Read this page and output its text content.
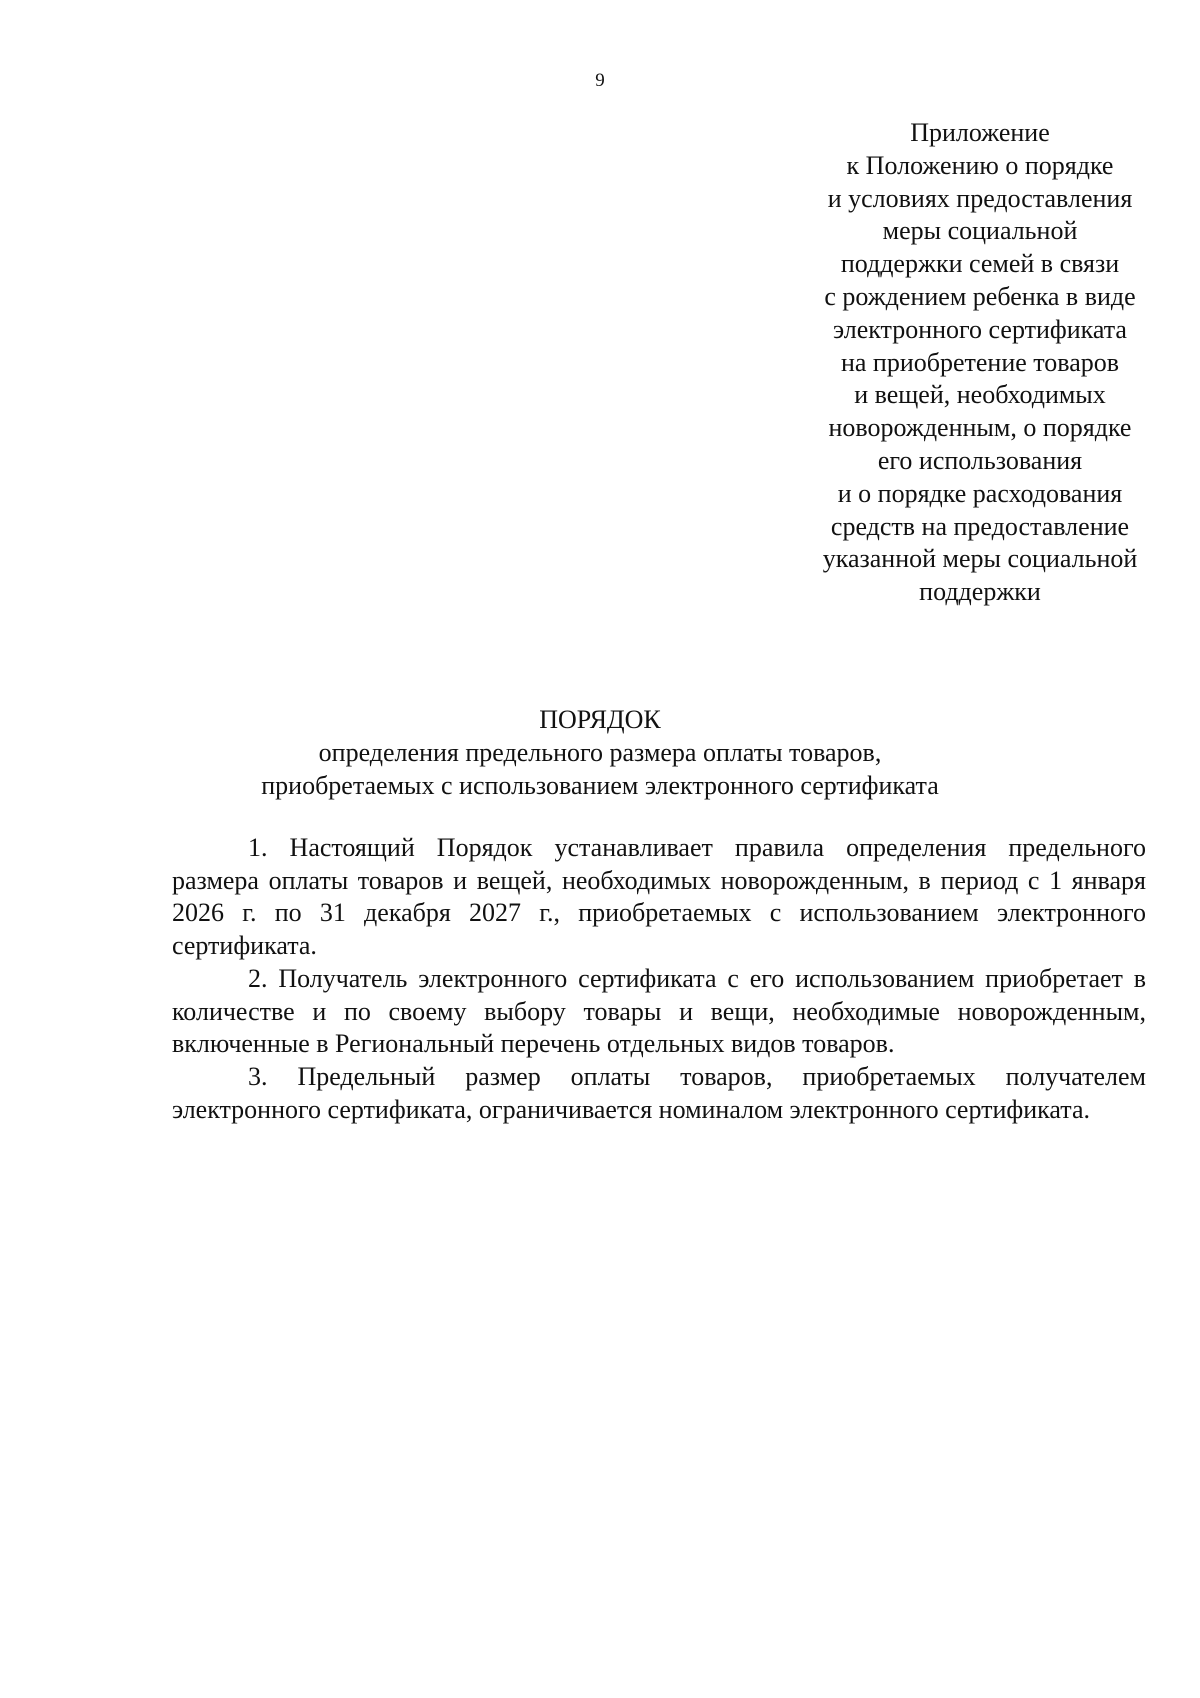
9
Приложение
к Положению о порядке
и условиях предоставления
меры социальной
поддержки семей в связи
с рождением ребенка в виде
электронного сертификата
на приобретение товаров
и вещей, необходимых
новорожденным, о порядке
его использования
и о порядке расходования
средств на предоставление
указанной меры социальной
поддержки
ПОРЯДОК
определения предельного размера оплаты товаров,
приобретаемых с использованием электронного сертификата

1. Настоящий Порядок устанавливает правила определения предельного размера оплаты товаров и вещей, необходимых новорожденным, в период с 1 января 2026 г. по 31 декабря 2027 г., приобретаемых с использованием электронного сертификата.

2. Получатель электронного сертификата с его использованием приобретает в количестве и по своему выбору товары и вещи, необходимые новорожденным, включенные в Региональный перечень отдельных видов товаров.

3. Предельный размер оплаты товаров, приобретаемых получателем электронного сертификата, ограничивается номиналом электронного сертификата.
